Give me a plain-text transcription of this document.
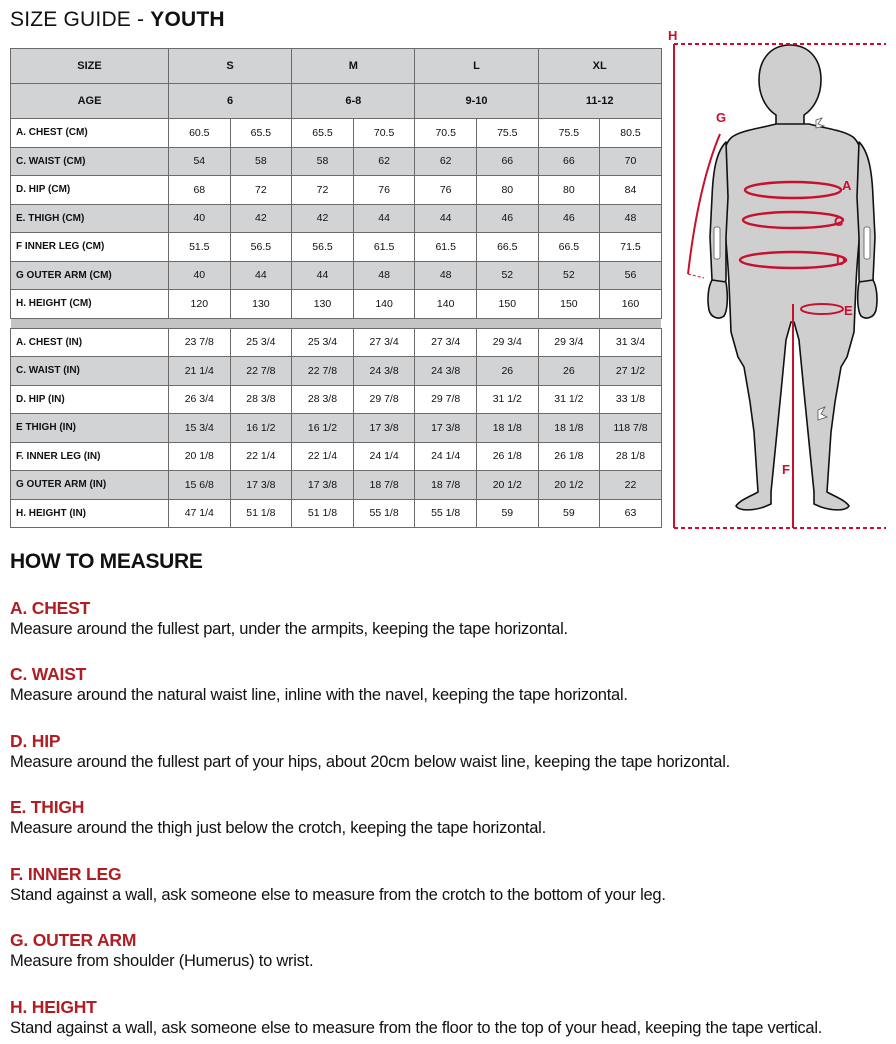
SIZE GUIDE - YOUTH
SIZE	S		M		L		XL	
AGE	6		6-8		9-10		11-12	
A. CHEST (CM)	60.5	65.5	65.5	70.5	70.5	75.5	75.5	80.5
C. WAIST (CM)	54	58	58	62	62	66	66	70
D. HIP (CM)	68	72	72	76	76	80	80	84
E. THIGH (CM)	40	42	42	44	44	46	46	48
F INNER LEG (CM)	51.5	56.5	56.5	61.5	61.5	66.5	66.5	71.5
G OUTER ARM (CM)	40	44	44	48	48	52	52	56
H. HEIGHT (CM)	120	130	130	140	140	150	150	160

A. CHEST (IN)	23 7/8	25 3/4	25 3/4	27 3/4	27 3/4	29 3/4	29 3/4	31 3/4
C. WAIST (IN)	21 1/4	22 7/8	22 7/8	24 3/8	24 3/8	26	26	27 1/2
D. HIP (IN)	26 3/4	28 3/8	28 3/8	29 7/8	29 7/8	31 1/2	31 1/2	33 1/8
E THIGH (IN)	15 3/4	16 1/2	16 1/2	17 3/8	17 3/8	18 1/8	18 1/8	118 7/8
F. INNER LEG (IN)	20 1/8	22 1/4	22 1/4	24 1/4	24 1/4	26 1/8	26 1/8	28 1/8
G OUTER ARM (IN)	15 6/8	17 3/8	17 3/8	18 7/8	18 7/8	20 1/2	20 1/2	22
H. HEIGHT (IN)	47 1/4	51 1/8	51 1/8	55 1/8	55 1/8	59	59	63
H
G
A
C
D
E
F
HOW TO MEASURE
A. CHEST
Measure around the fullest part, under the armpits, keeping the tape horizontal.
C. WAIST
Measure around the natural waist line, inline with the navel, keeping the tape horizontal.
D. HIP
Measure around the fullest part of your hips, about 20cm below waist line, keeping the tape horizontal.
E. THIGH
Measure around the thigh just below the crotch, keeping the tape horizontal.
F. INNER LEG
Stand against a wall, ask someone else to measure from the crotch to the bottom of your leg.
G. OUTER ARM
Measure from shoulder (Humerus) to wrist.
H. HEIGHT
Stand against a wall, ask someone else to measure from the floor to the top of your head, keeping the tape vertical.
